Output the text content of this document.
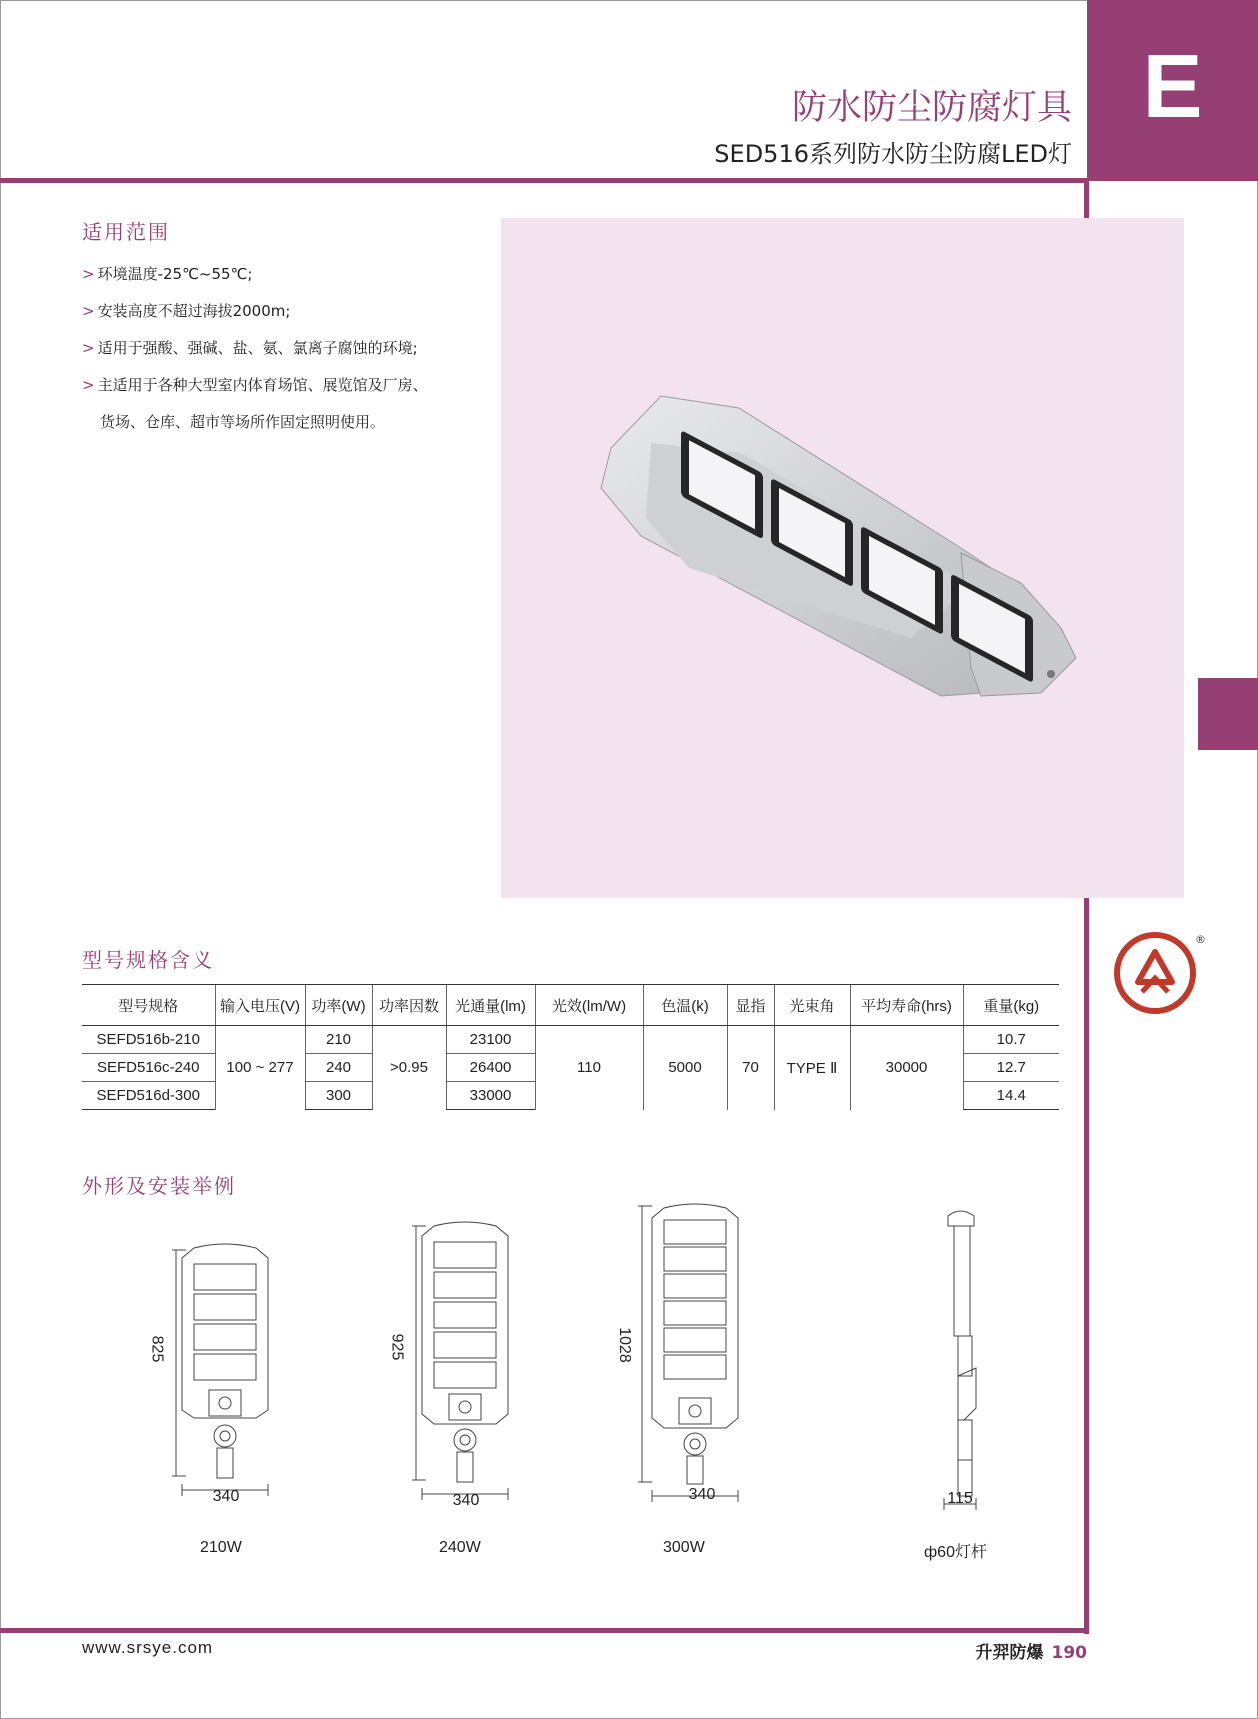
E
防水防尘防腐灯具
SED516系列防水防尘防腐LED灯
适用范围
> 环境温度-25℃~55℃;
> 安装高度不超过海拔2000m;
> 适用于强酸、强碱、盐、氨、氯离子腐蚀的环境;
> 主适用于各种大型室内体育场馆、展览馆及厂房、
货场、仓库、超市等场所作固定照明使用。
®
型号规格含义
型号规格	输入电压(V)	功率(W)	功率因数	光通量(lm)	光效(lm/W)	色温(k)	显指	光束角	平均寿命(hrs)	重量(kg)
SEFD516b-210	100 ~ 277	210	>0.95	23100	110	5000	70	TYPE Ⅱ	30000	10.7
SEFD516c-240		240		26400						12.7
SEFD516d-300		300		33000						14.4
外形及安装举例
825
340
210W
925
340
240W
1028
340
300W
115
ф60灯杆
www.srsye.com	升羿防爆 190
